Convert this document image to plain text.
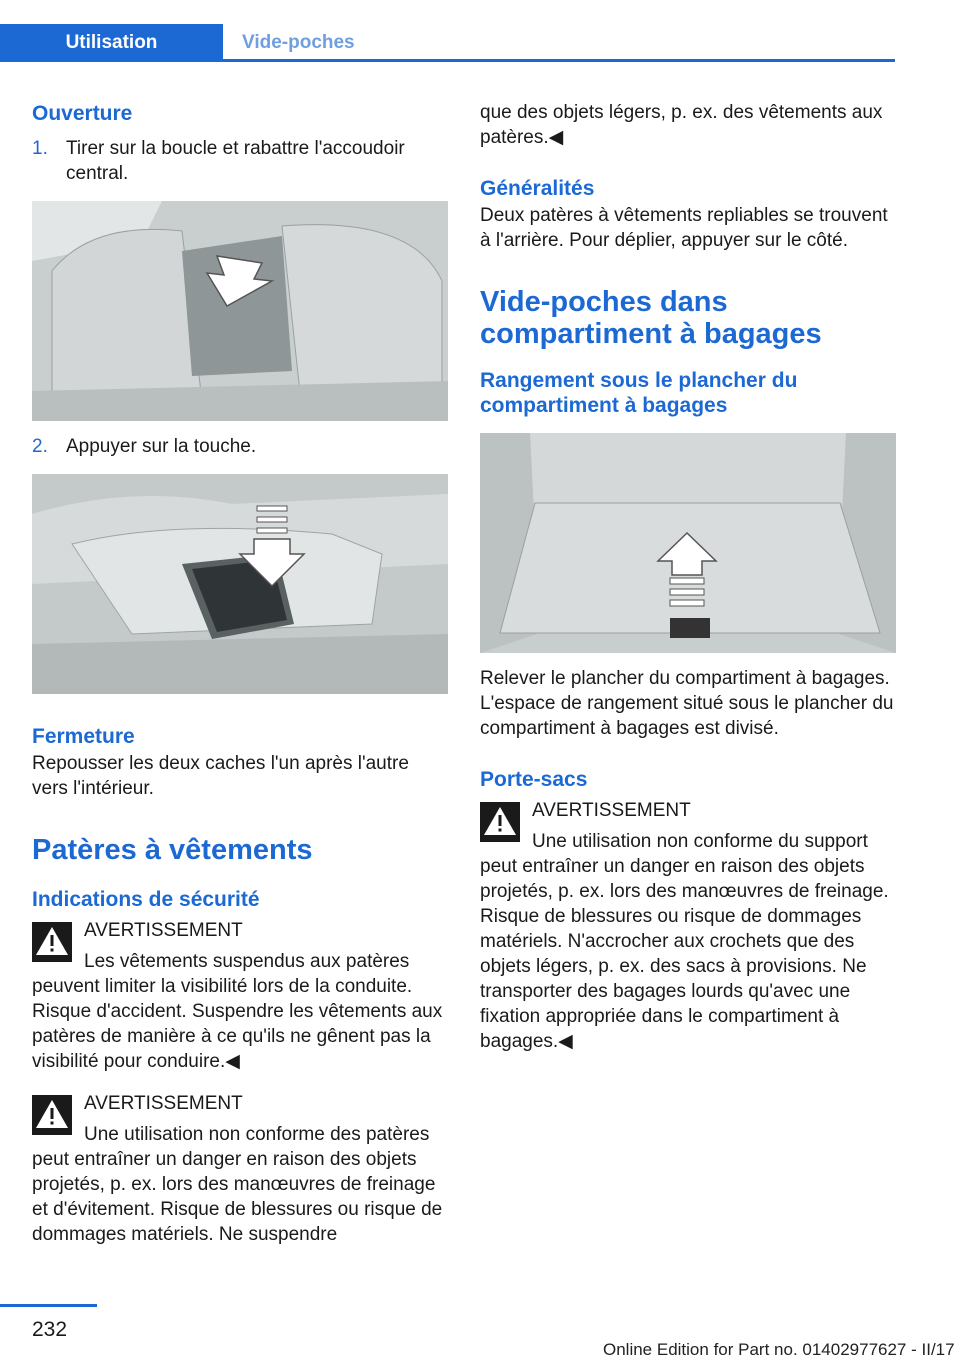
Utilisation	Vide-poches
Ouverture
1. Tirer sur la boucle et rabattre l'accoudoir central.
2. Appuyer sur la touche.
Fermeture

Repousser les deux caches l'un après l'autre vers l'intérieur.

Patères à vêtements
Indications de sécurité
AVERTISSEMENT
Les vêtements suspendus aux patères peuvent limiter la visibilité lors de la conduite. Risque d'accident. Suspendre les vêtements aux patères de manière à ce qu'ils ne gênent pas la visibilité pour conduire.◀
AVERTISSEMENT
Une utilisation non conforme des patères peut entraîner un danger en raison des objets projetés, p. ex. lors des manœuvres de freinage et d'évitement. Risque de blessures ou risque de dommages matériels. Ne suspendre

que des objets légers, p. ex. des vêtements aux patères.◀

Généralités

Deux patères à vêtements repliables se trouvent à l'arrière. Pour déplier, appuyer sur le côté.

Vide-poches dans compartiment à bagages
Rangement sous le plancher du compartiment à bagages

Relever le plancher du compartiment à bagages. L'espace de rangement situé sous le plancher du compartiment à bagages est divisé.

Porte-sacs
AVERTISSEMENT
Une utilisation non conforme du support peut entraîner un danger en raison des objets projetés, p. ex. lors des manœuvres de freinage. Risque de blessures ou risque de dommages matériels. N'accrocher aux crochets que des objets légers, p. ex. des sacs à provisions. Ne transporter des bagages lourds qu'avec une fixation appropriée dans le compartiment à bagages.◀
232
Online Edition for Part no. 01402977627 - II/17
